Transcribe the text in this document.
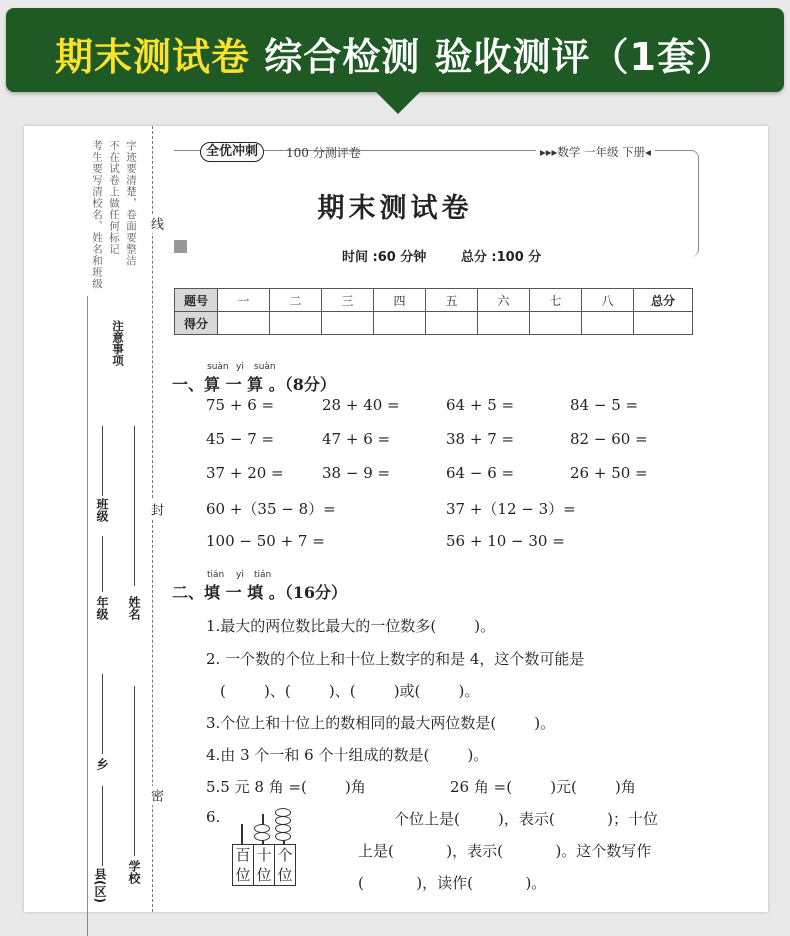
期末测试卷 综合检测 验收测评（1套）
考生要写清校名、姓名和班级 不在试卷上做任何标记 字迹要清楚，卷面要整洁
注意事项
班级
年级
乡
县(区)
姓名
学校
线
封
密
全优冲刺	100 分测评卷	▸▸▸数学 一年级 下册◂
期末测试卷
时间 :60 分钟	总分 :100 分
题号	一	二	三	四	五	六	七	八	总分
得分									
suàn yi suàn
一、算 一 算 。（8分）
75 + 6 =	28 + 40 =	64 + 5 =	84 − 5 =
45 − 7 =	47 + 6 =	38 + 7 =	82 − 60 =
37 + 20 =	38 − 9 =	64 − 6 =	26 + 50 =
60 +（35 − 8）=	37 +（12 − 3）=
100 − 50 + 7 =	56 + 10 − 30 =
tián yi tián
二、填 一 填 。（16分）
1.最大的两位数比最大的一位数多(        )。
2. 一个数的个位上和十位上数字的和是 4，这个数可能是
(        )、(        )、(        )或(        )。
3.个位上和十位上的数相同的最大两位数是(        )。
4.由 3 个一和 6 个十组成的数是(        )。
5.5 元 8 角 =(        )角	26 角 =(        )元(        )角
6.	个位上是(        )，表示(           )；十位
上是(           )，表示(           )。这个数写作
(           )，读作(           )。
百位
十位
个位
